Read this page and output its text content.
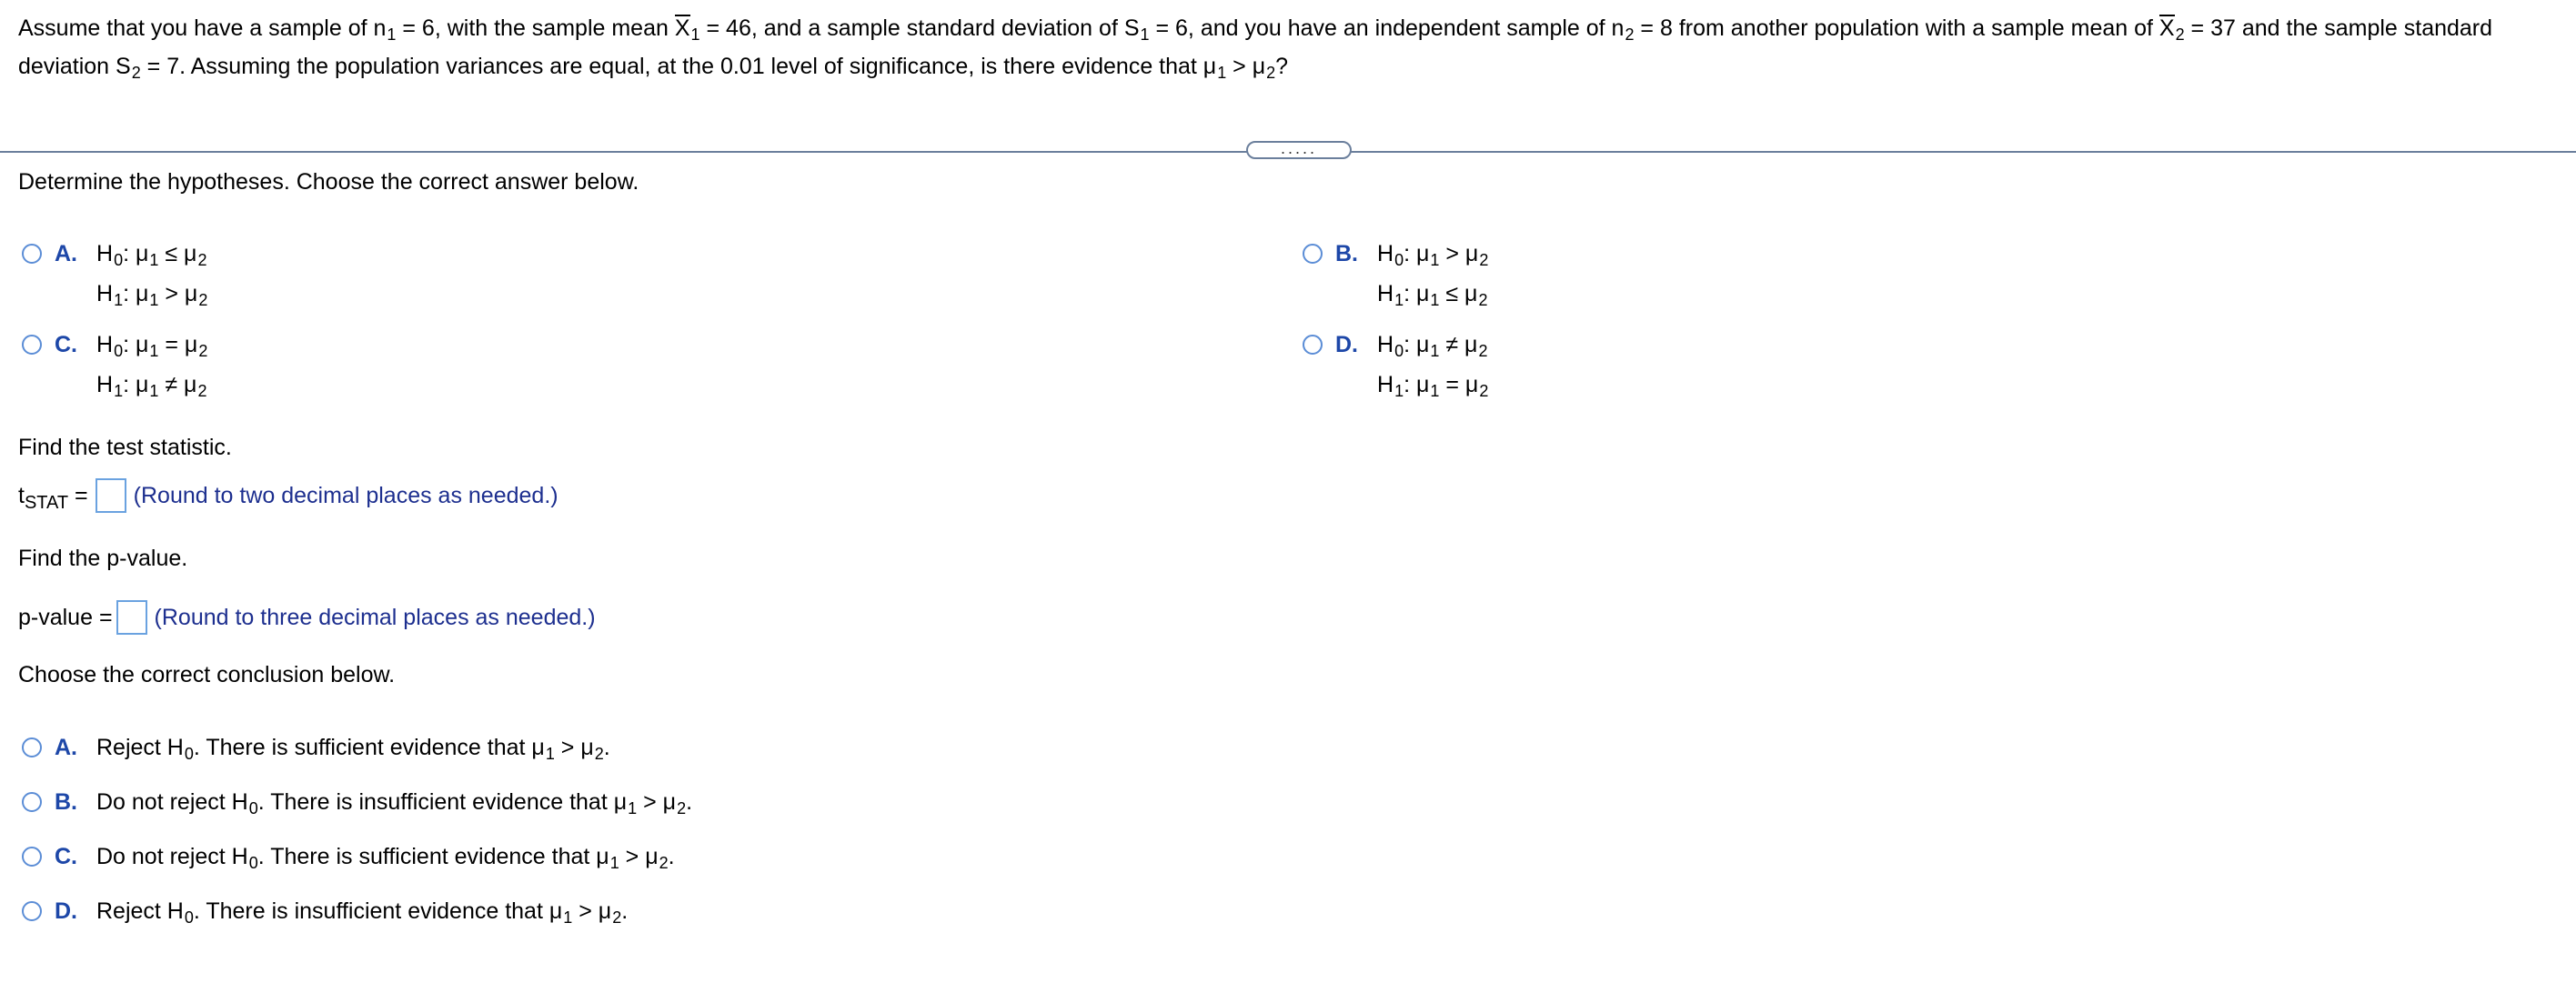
Assume that you have a sample of $n_1 = 6$, with the sample mean $X_1 = 46$, and a sample standard deviation of $S_1 = 6$, and you have an independent sample of $n_2 = 8$ from another population with a sample mean of $X_2 = 37$ and the sample standard deviation $S_2 = 7$. Assuming the population variances are equal, at the 0.01 level of significance, is there evidence that $\mu_1 > \mu_2$?
.....
Determine the hypotheses. Choose the correct answer below.
A. $H_0$: $\mu_1 \le \mu_2$
$H_1$: $\mu_1 > \mu_2$
B. $H_0$: $\mu_1 > \mu_2$
$H_1$: $\mu_1 \le \mu_2$
C. $H_0$: $\mu_1 = \mu_2$
$H_1$: $\mu_1 \ne \mu_2$
D. $H_0$: $\mu_1 \ne \mu_2$
$H_1$: $\mu_1 = \mu_2$
Find the test statistic.
$t_{STAT}$ = (Round to two decimal places as needed.)
Find the p-value.
p-value = (Round to three decimal places as needed.)
Choose the correct conclusion below.
A. Reject $H_0$. There is sufficient evidence that $\mu_1 > \mu_2$.
B. Do not reject $H_0$. There is insufficient evidence that $\mu_1 > \mu_2$.
C. Do not reject $H_0$. There is sufficient evidence that $\mu_1 > \mu_2$.
D. Reject $H_0$. There is insufficient evidence that $\mu_1 > \mu_2$.
